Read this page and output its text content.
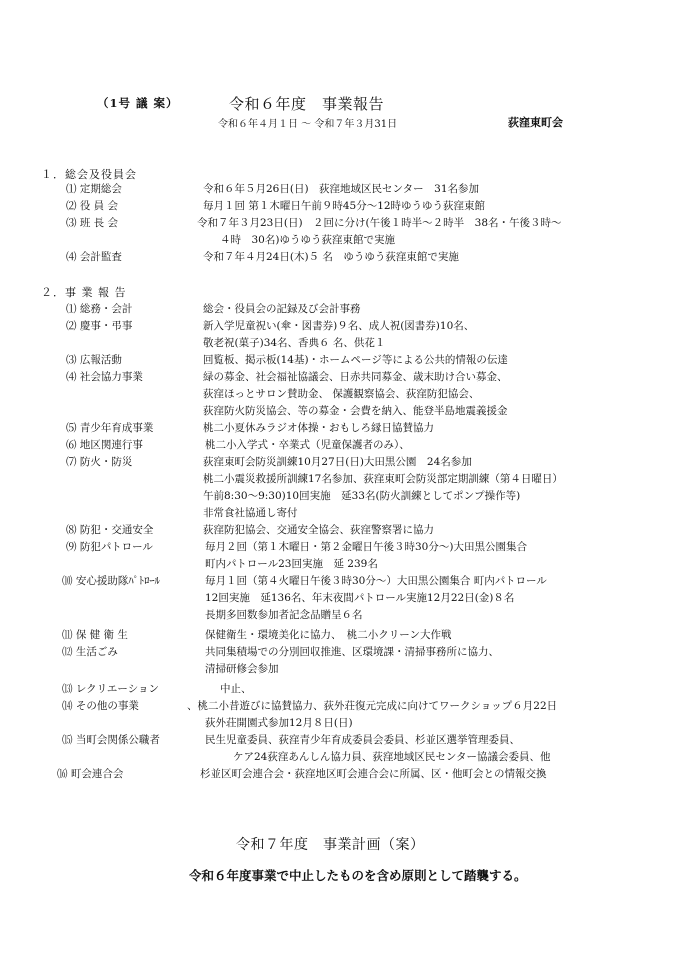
（1号 議 案）	令和６年度　事業報告
令和６年４月１日 ～ 令和７年３月31日	荻窪東町会
１．総会及役員会
⑴ 定期総会	令和６年５月26日(日)　荻窪地域区民センター　31名参加
⑵ 役 員 会	毎月１回 第１木曜日午前９時45分～12時ゆうゆう荻窪東館
⑶ 班 長 会	令和７年３月23日(日)　２回に分け(午後１時半～２時半　38名・午後３時～
４時　30名)ゆうゆう荻窪東館で実施
⑷ 会計監査	令和７年４月24日(木)５ 名　ゆうゆう荻窪東館で実施
２．事 業 報 告
⑴ 総務・会計	総会・役員会の記録及び会計事務
⑵ 慶事・弔事	新入学児童祝い(傘・図書券)９名、成人祝(図書券)10名、
敬老祝(菓子)34名、香典６ 名、供花１
⑶ 広報活動	回覧板、掲示板(14基)・ホームページ等による公共的情報の伝達
⑷ 社会協力事業	緑の募金、社会福祉協議会、日赤共同募金、歳末助け合い募金、
荻窪ほっとサロン賛助金、 保護観察協会、荻窪防犯協会、
荻窪防火防災協会、等の募金・会費を納入、能登半島地震義援金
⑸ 青少年育成事業	桃二小夏休みラジオ体操・おもしろ縁日協賛協力
⑹ 地区関連行事	桃二小入学式・卒業式（児童保護者のみ）、
⑺ 防火・防災	荻窪東町会防災訓練10月27日(日)大田黒公園　24名参加
桃二小震災救援所訓練17名参加、荻窪東町会防災部定期訓練（第４日曜日）
午前8:30～9:30)10回実施　延33名(防火訓練としてポンプ操作等)
非常食社協通し寄付
⑻ 防犯・交通安全	荻窪防犯協会、交通安全協会、荻窪警察署に協力
⑼ 防犯パトロール	毎月２回（第１木曜日・第２金曜日午後３時30分～)大田黒公園集合
町内パトロール23回実施　延 239名
⑽ 安心援助隊ﾊﾟﾄﾛｰﾙ	毎月１回（第４火曜日午後３時30分～）大田黒公園集合 町内パトロール
12回実施　延136名、年末夜間パトロール実施12月22日(金)８名
長期多回数参加者記念品贈呈６名
⑾ 保 健 衛 生	保健衛生・環境美化に協力、　桃二小クリーン大作戦
⑿ 生活ごみ	共同集積場での分別回収推進、区環境課・清掃事務所に協力、
清掃研修会参加
⒀ レクリエーション	中止、
⒁ その他の事業	、桃二小昔遊びに協賛協力、荻外荘復元完成に向けてワークショップ６月22日
荻外荘開園式参加12月８日(日)
⒂ 当町会関係公職者	民生児童委員、荻窪青少年育成委員会委員、杉並区選挙管理委員、
ケア24荻窪あんしん協力員、荻窪地域区民センター協議会委員、他
⒃ 町会連合会	杉並区町会連合会・荻窪地区町会連合会に所属、区・他町会との情報交換
令和７年度　事業計画（案）
令和６年度事業で中止したものを含め原則として踏襲する。
